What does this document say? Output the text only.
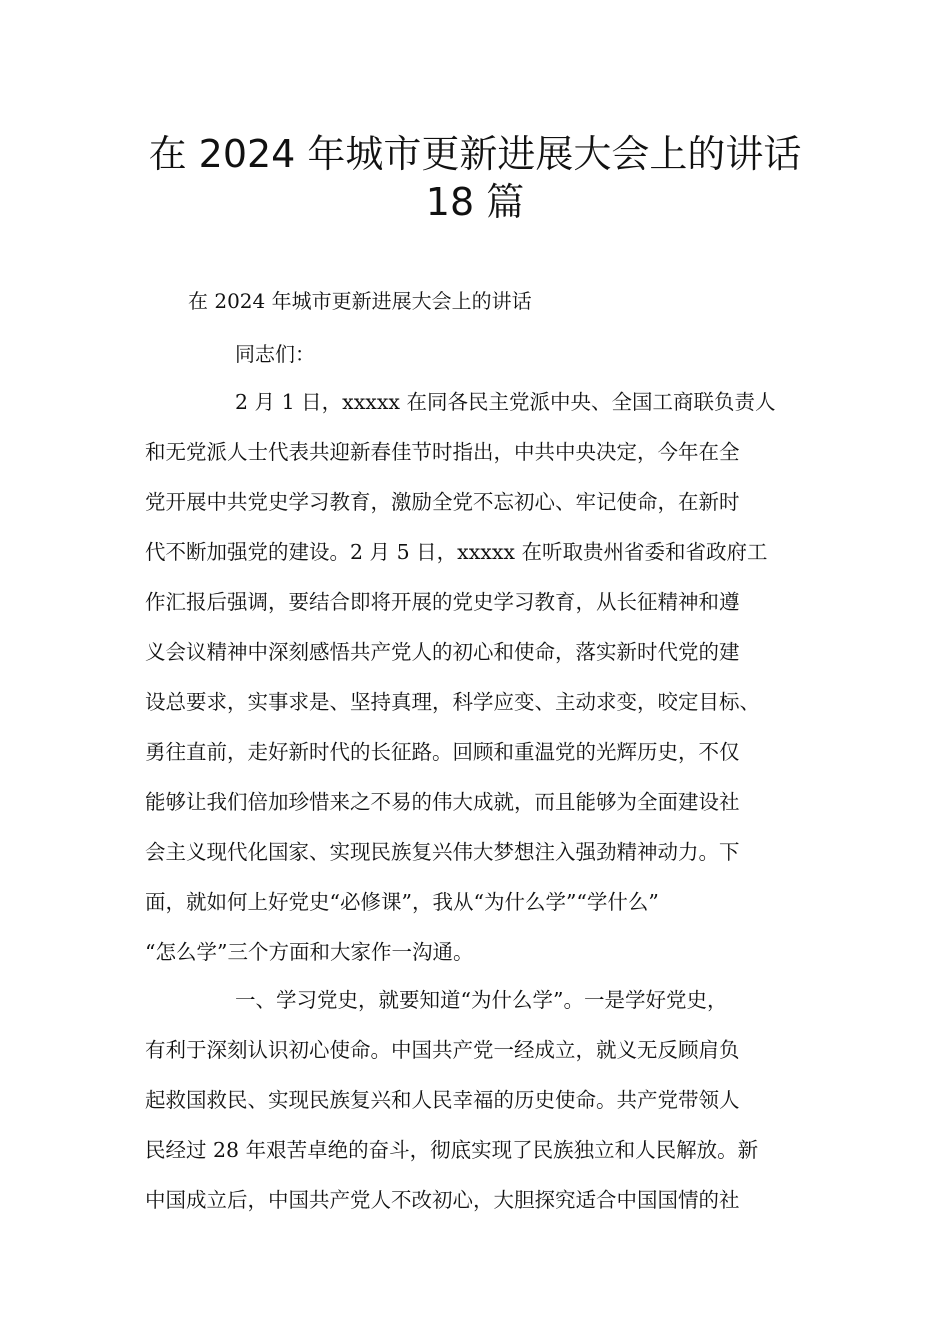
在 2024 年城市更新进展大会上的讲话
18 篇
在 2024 年城市更新进展大会上的讲话
同志们：
2 月 1 日，xxxxx 在同各民主党派中央、全国工商联负责人
和无党派人士代表共迎新春佳节时指出，中共中央决定，今年在全
党开展中共党史学习教育，激励全党不忘初心、牢记使命，在新时
代不断加强党的建设。2 月 5 日，xxxxx 在听取贵州省委和省政府工
作汇报后强调，要结合即将开展的党史学习教育，从长征精神和遵
义会议精神中深刻感悟共产党人的初心和使命，落实新时代党的建
设总要求，实事求是、坚持真理，科学应变、主动求变，咬定目标、
勇往直前，走好新时代的长征路。回顾和重温党的光辉历史，不仅
能够让我们倍加珍惜来之不易的伟大成就，而且能够为全面建设社
会主义现代化国家、实现民族复兴伟大梦想注入强劲精神动力。下
面，就如何上好党史“必修课”，我从“为什么学”“学什么”
“怎么学”三个方面和大家作一沟通。
一、学习党史，就要知道“为什么学”。一是学好党史，
有利于深刻认识初心使命。中国共产党一经成立，就义无反顾肩负
起救国救民、实现民族复兴和人民幸福的历史使命。共产党带领人
民经过 28 年艰苦卓绝的奋斗，彻底实现了民族独立和人民解放。新
中国成立后，中国共产党人不改初心，大胆探究适合中国国情的社
